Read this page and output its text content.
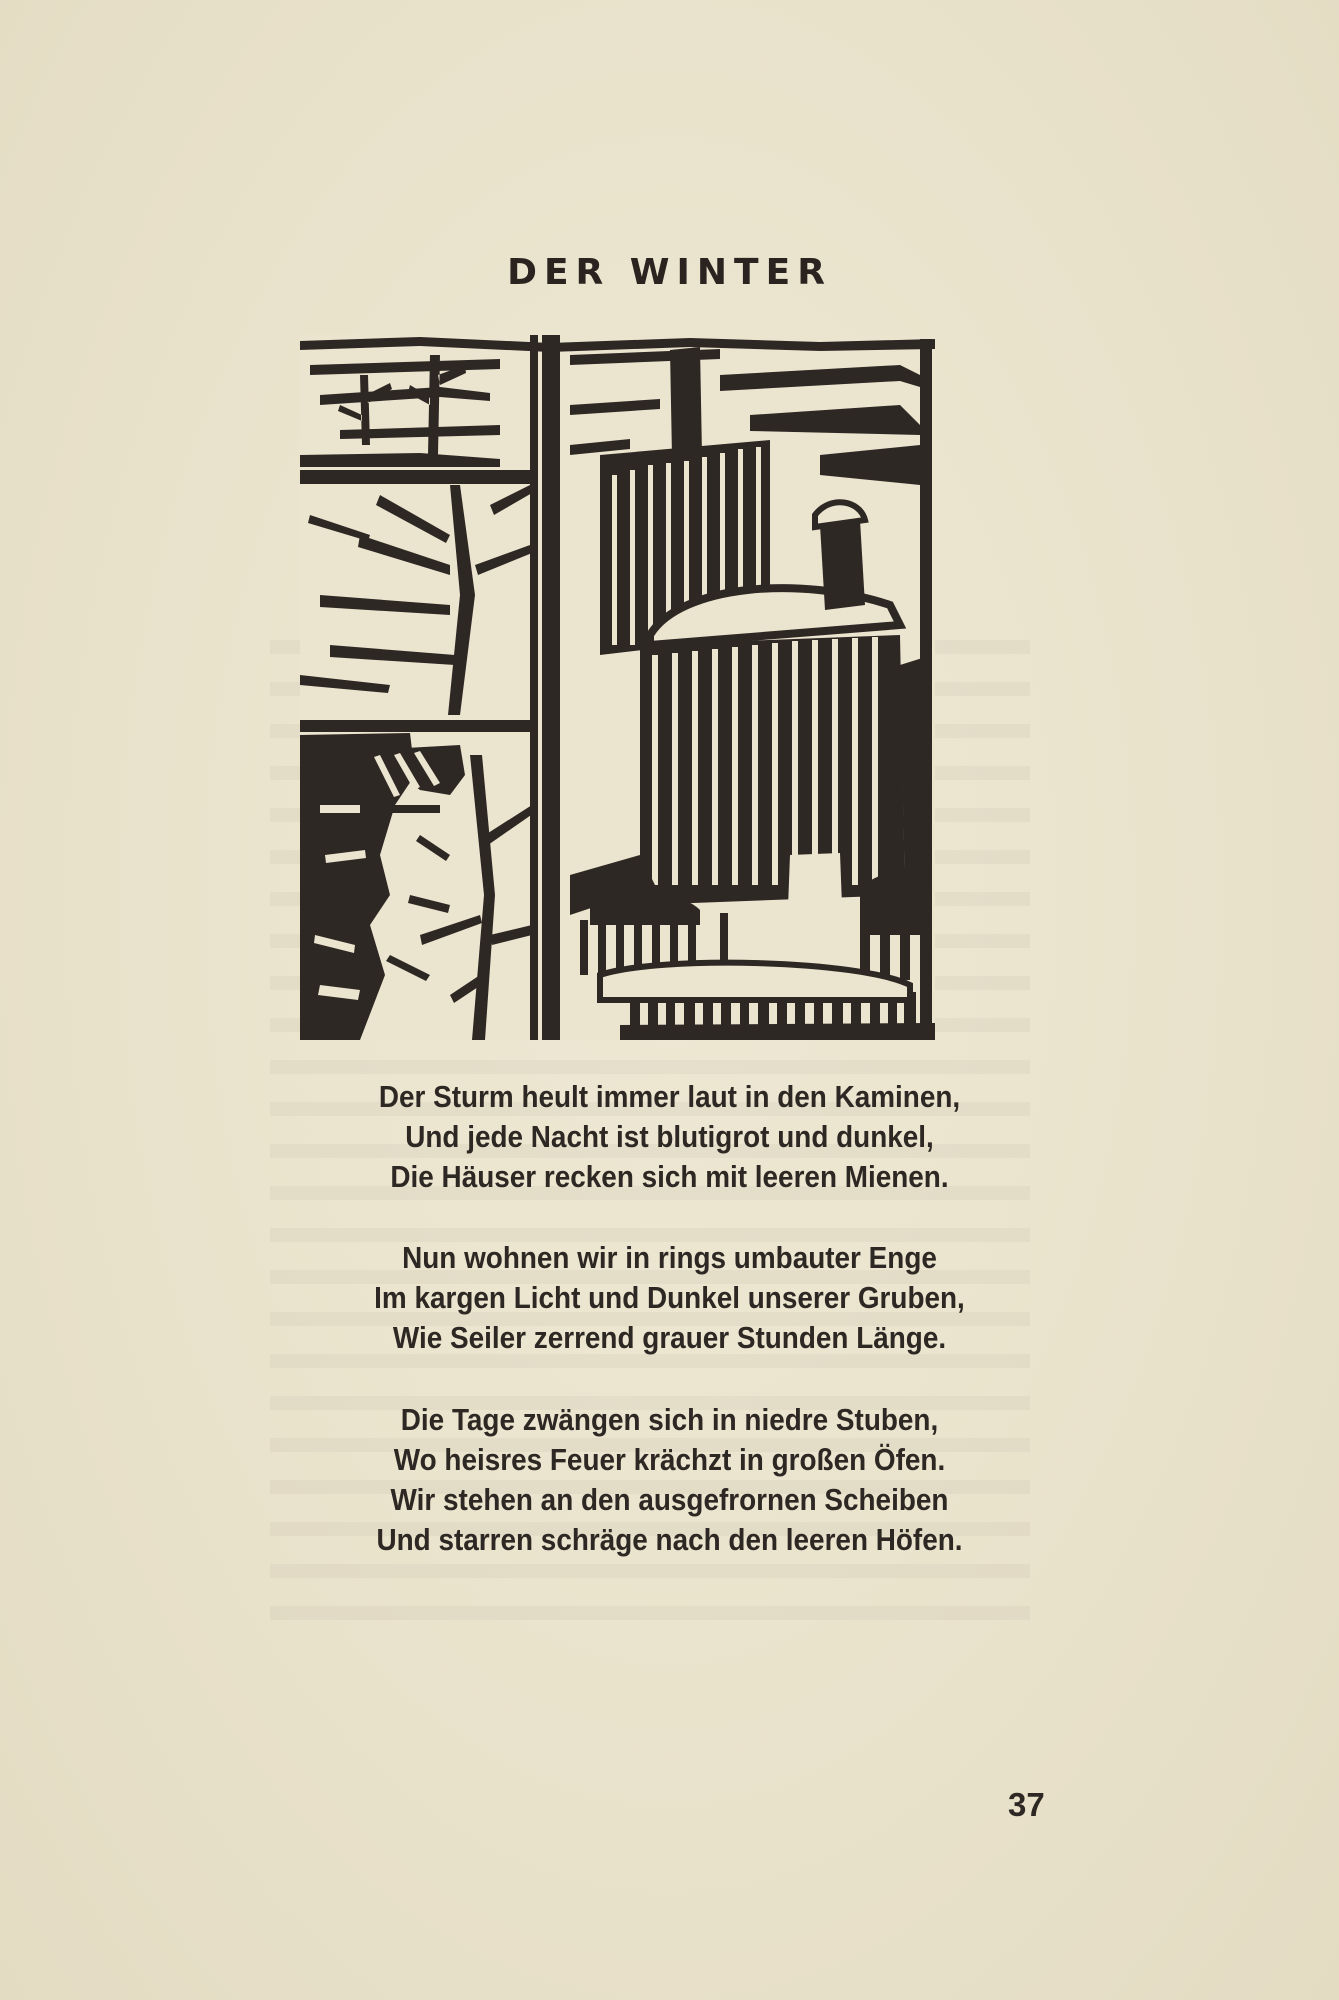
DER WINTER
Der Sturm heult immer laut in den Kaminen,
Und jede Nacht ist blutigrot und dunkel,
Die Häuser recken sich mit leeren Mienen.
Nun wohnen wir in rings umbauter Enge
Im kargen Licht und Dunkel unserer Gruben,
Wie Seiler zerrend grauer Stunden Länge.
Die Tage zwängen sich in niedre Stuben,
Wo heisres Feuer krächzt in großen Öfen.
Wir stehen an den ausgefrornen Scheiben
Und starren schräge nach den leeren Höfen.
37
